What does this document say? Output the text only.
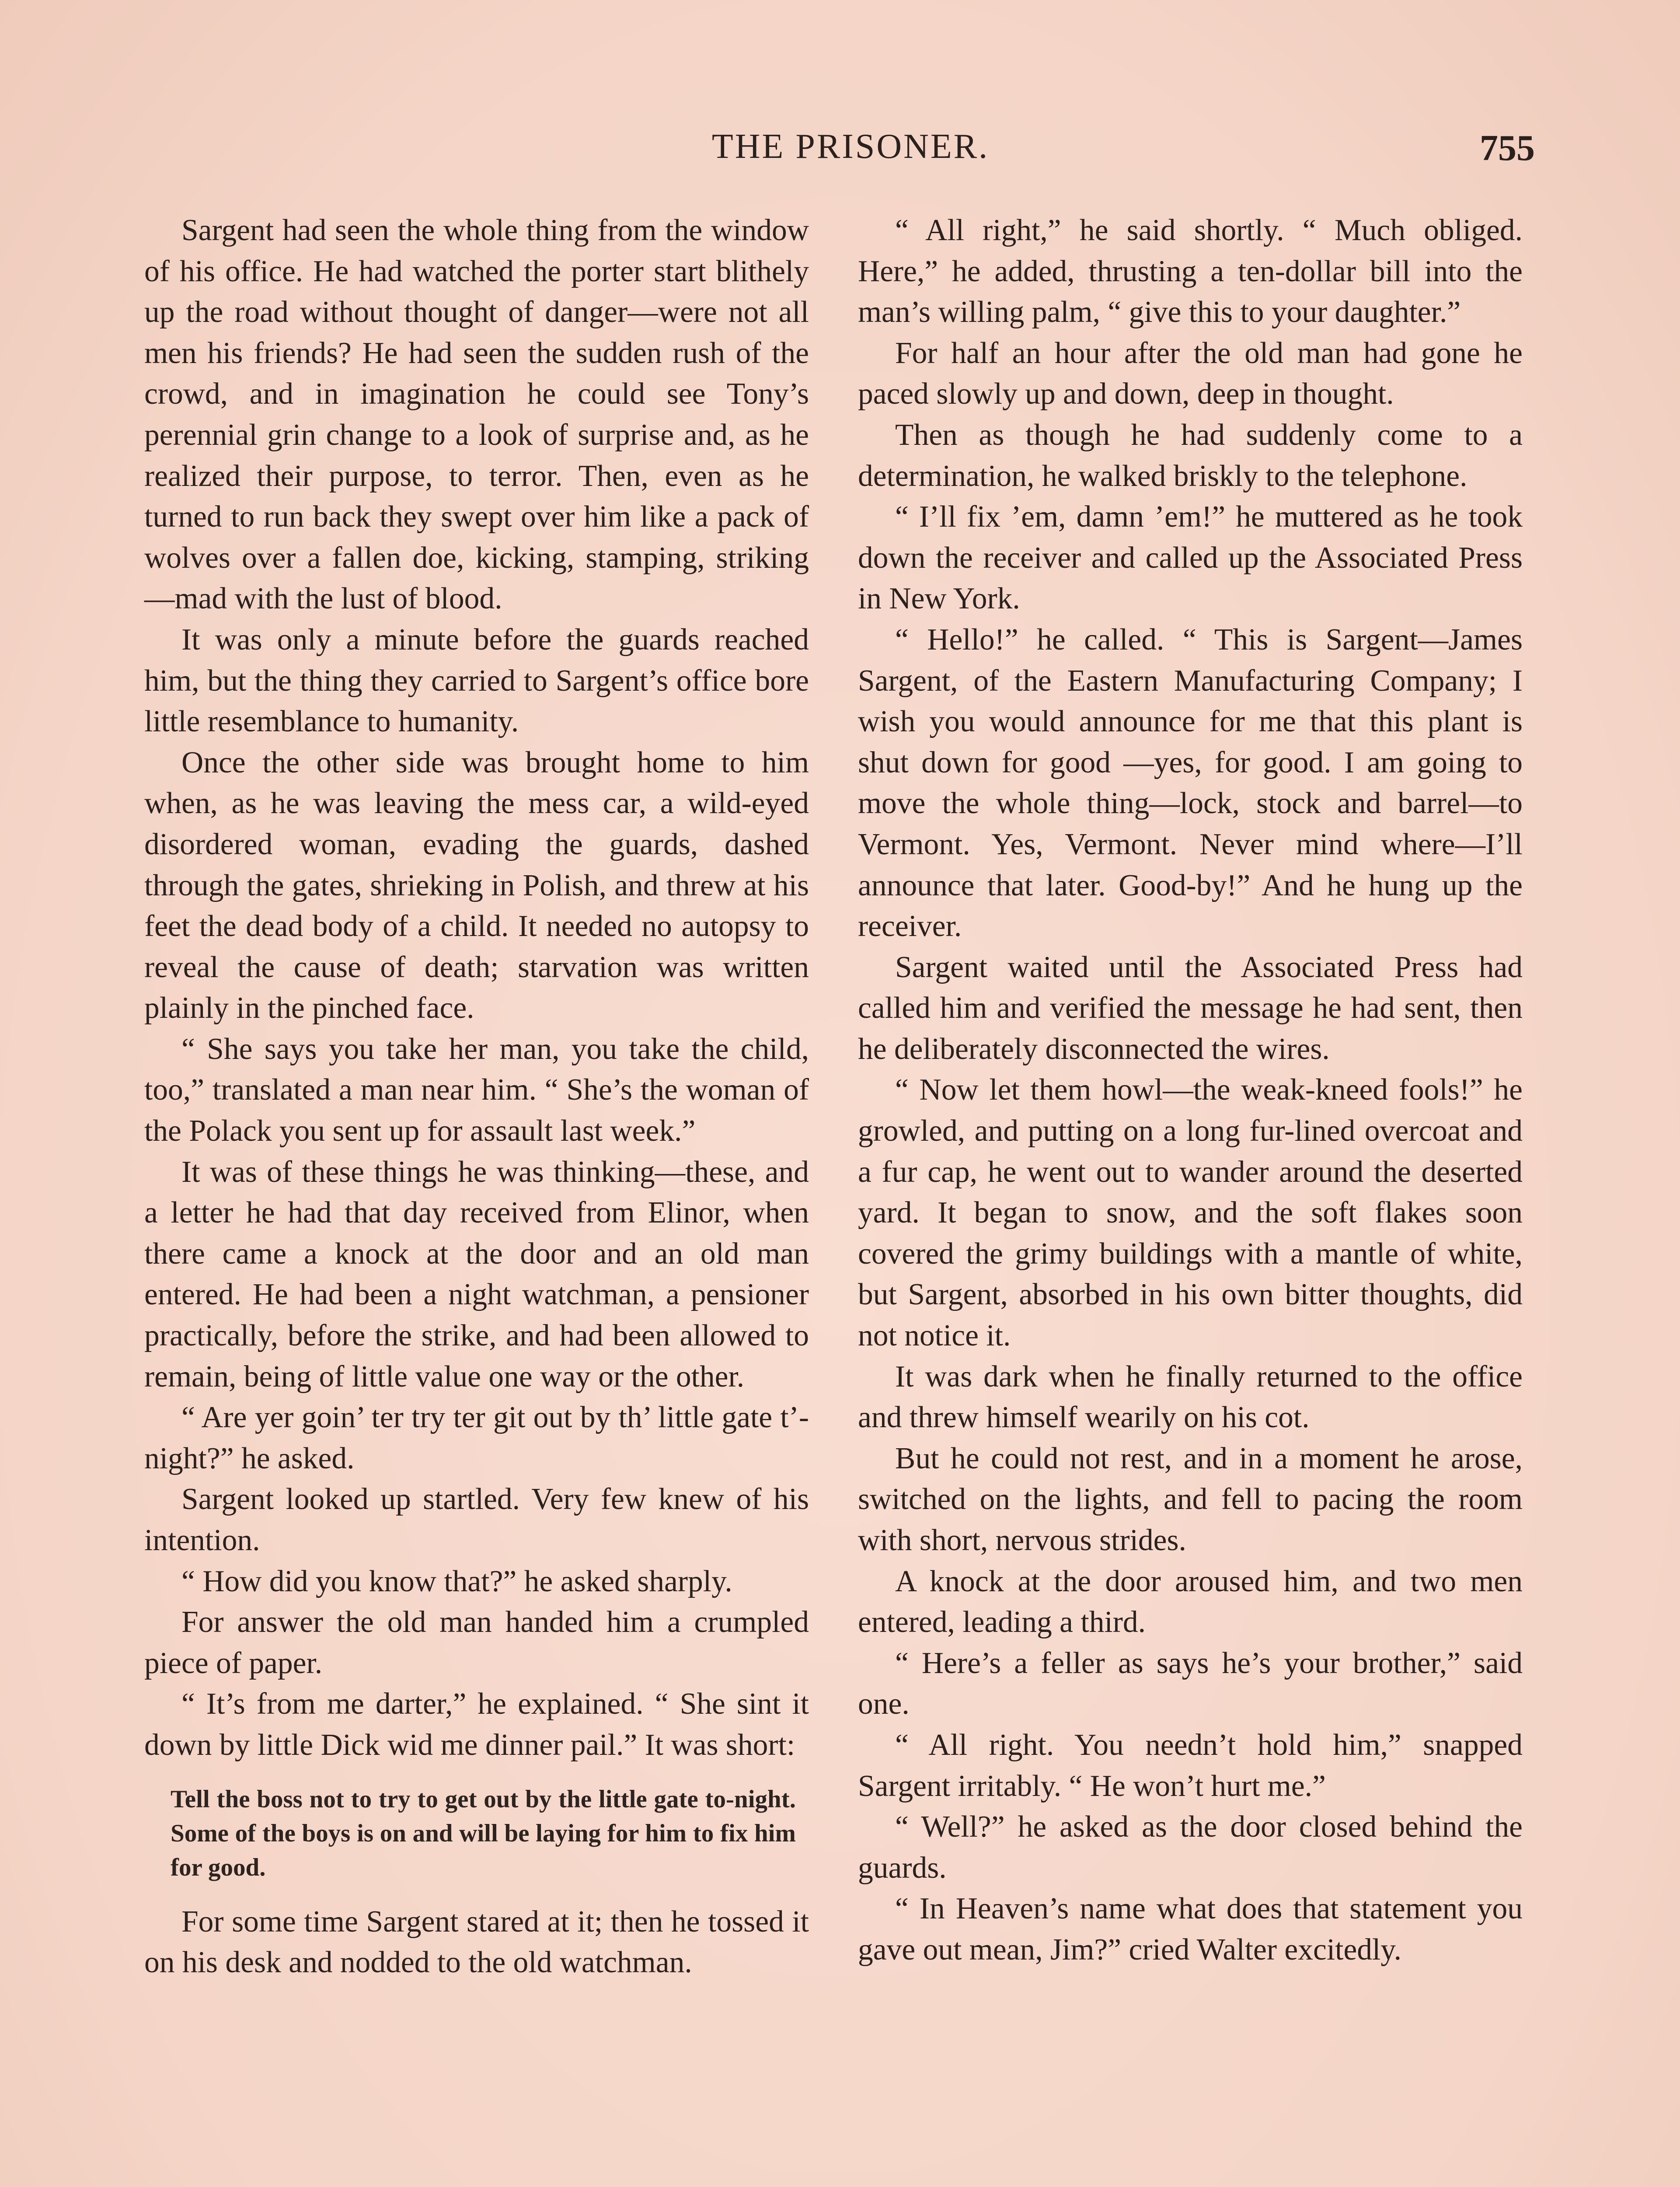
THE PRISONER.	755

Sargent had seen the whole thing from the window of his office. He had watched the porter start blithely up the road without thought of danger—were not all men his friends? He had seen the sudden rush of the crowd, and in imagination he could see Tony’s perennial grin change to a look of surprise and, as he realized their purpose, to terror. Then, even as he turned to run back they swept over him like a pack of wolves over a fallen doe, kicking, stamping, striking—mad with the lust of blood.

It was only a minute before the guards reached him, but the thing they carried to Sargent’s office bore little resemblance to humanity.

Once the other side was brought home to him when, as he was leaving the mess car, a wild-eyed disordered woman, evading the guards, dashed through the gates, shrieking in Polish, and threw at his feet the dead body of a child. It needed no autopsy to reveal the cause of death; starvation was written plainly in the pinched face.

“ She says you take her man, you take the child, too,” translated a man near him. “ She’s the woman of the Polack you sent up for assault last week.”

It was of these things he was thinking—these, and a letter he had that day received from Elinor, when there came a knock at the door and an old man entered. He had been a night watchman, a pensioner practically, before the strike, and had been allowed to remain, being of little value one way or the other.

“ Are yer goin’ ter try ter git out by th’ little gate t’-night?” he asked.

Sargent looked up startled. Very few knew of his intention.

“ How did you know that?” he asked sharply.

For answer the old man handed him a crumpled piece of paper.

“ It’s from me darter,” he explained. “ She sint it down by little Dick wid me dinner pail.” It was short:

Tell the boss not to try to get out by the little gate to-night. Some of the boys is on and will be laying for him to fix him for good.

For some time Sargent stared at it; then he tossed it on his desk and nodded to the old watchman.

“ All right,” he said shortly. “ Much obliged. Here,” he added, thrusting a ten-dollar bill into the man’s willing palm, “ give this to your daughter.”

For half an hour after the old man had gone he paced slowly up and down, deep in thought.

Then as though he had suddenly come to a determination, he walked briskly to the telephone.

“ I’ll fix ’em, damn ’em!” he muttered as he took down the receiver and called up the Associated Press in New York.

“ Hello!” he called. “ This is Sargent—James Sargent, of the Eastern Manufacturing Company; I wish you would announce for me that this plant is shut down for good —yes, for good. I am going to move the whole thing—lock, stock and barrel—to Vermont. Yes, Vermont. Never mind where—I’ll announce that later. Good-by!” And he hung up the receiver.

Sargent waited until the Associated Press had called him and verified the message he had sent, then he deliberately disconnected the wires.

“ Now let them howl—the weak-kneed fools!” he growled, and putting on a long fur-lined overcoat and a fur cap, he went out to wander around the deserted yard. It began to snow, and the soft flakes soon covered the grimy buildings with a mantle of white, but Sargent, absorbed in his own bitter thoughts, did not notice it.

It was dark when he finally returned to the office and threw himself wearily on his cot.

But he could not rest, and in a moment he arose, switched on the lights, and fell to pacing the room with short, nervous strides.

A knock at the door aroused him, and two men entered, leading a third.

“ Here’s a feller as says he’s your brother,” said one.

“ All right. You needn’t hold him,” snapped Sargent irritably. “ He won’t hurt me.”

“ Well?” he asked as the door closed behind the guards.

“ In Heaven’s name what does that statement you gave out mean, Jim?” cried Walter excitedly.
